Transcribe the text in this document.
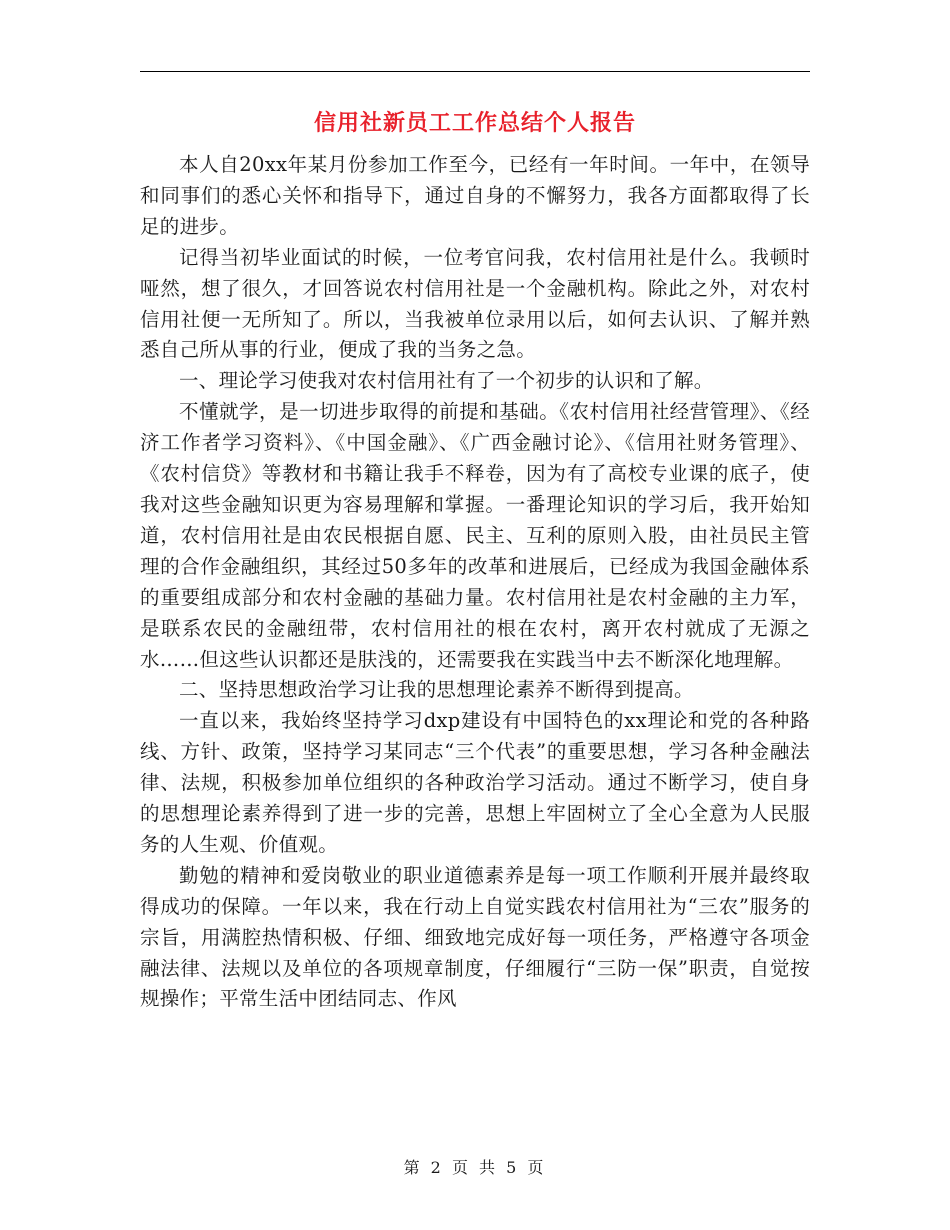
信用社新员工工作总结个人报告

本人自20xx年某月份参加工作至今，已经有一年时间。一年中，在领导和同事们的悉心关怀和指导下，通过自身的不懈努力，我各方面都取得了长足的进步。

记得当初毕业面试的时候，一位考官问我，农村信用社是什么。我顿时哑然，想了很久，才回答说农村信用社是一个金融机构。除此之外，对农村信用社便一无所知了。所以，当我被单位录用以后，如何去认识、了解并熟悉自己所从事的行业，便成了我的当务之急。

一、理论学习使我对农村信用社有了一个初步的认识和了解。

不懂就学，是一切进步取得的前提和基础。《农村信用社经营管理》、《经济工作者学习资料》、《中国金融》、《广西金融讨论》、《信用社财务管理》、《农村信贷》等教材和书籍让我手不释卷，因为有了高校专业课的底子，使我对这些金融知识更为容易理解和掌握。一番理论知识的学习后，我开始知道，农村信用社是由农民根据自愿、民主、互利的原则入股，由社员民主管理的合作金融组织，其经过50多年的改革和进展后，已经成为我国金融体系的重要组成部分和农村金融的基础力量。农村信用社是农村金融的主力军，是联系农民的金融纽带，农村信用社的根在农村，离开农村就成了无源之水……但这些认识都还是肤浅的，还需要我在实践当中去不断深化地理解。

二、坚持思想政治学习让我的思想理论素养不断得到提高。

一直以来，我始终坚持学习dxp建设有中国特色的xx理论和党的各种路线、方针、政策，坚持学习某同志“三个代表”的重要思想，学习各种金融法律、法规，积极参加单位组织的各种政治学习活动。通过不断学习，使自身的思想理论素养得到了进一步的完善，思想上牢固树立了全心全意为人民服务的人生观、价值观。

勤勉的精神和爱岗敬业的职业道德素养是每一项工作顺利开展并最终取得成功的保障。一年以来，我在行动上自觉实践农村信用社为“三农”服务的宗旨，用满腔热情积极、仔细、细致地完成好每一项任务，严格遵守各项金融法律、法规以及单位的各项规章制度，仔细履行“三防一保”职责，自觉按规操作；平常生活中团结同志、作风

第 2 页 共 5 页
